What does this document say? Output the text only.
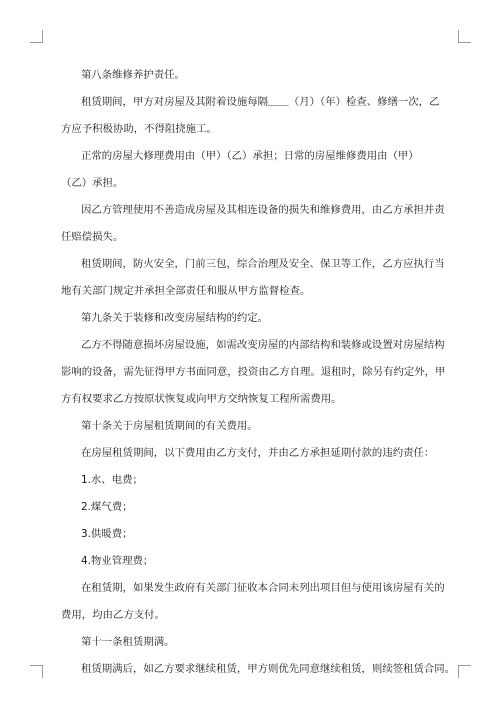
第八条维修养护责任。

租赁期间，甲方对房屋及其附着设施每隔＿＿（月）（年）检查、修缮一次，乙
方应予积极协助，不得阻挠施工。

正常的房屋大修理费用由（甲）（乙）承担；日常的房屋维修费用由（甲）
（乙）承担。

因乙方管理使用不善造成房屋及其相连设备的损失和维修费用，由乙方承担并责
任赔偿损失。

租赁期间，防火安全，门前三包，综合治理及安全、保卫等工作，乙方应执行当
地有关部门规定并承担全部责任和服从甲方监督检查。

第九条关于装修和改变房屋结构的约定。

乙方不得随意损坏房屋设施，如需改变房屋的内部结构和装修或设置对房屋结构
影响的设备，需先征得甲方书面同意，投资由乙方自理。退租时，除另有约定外，甲
方有权要求乙方按原状恢复或向甲方交纳恢复工程所需费用。

第十条关于房屋租赁期间的有关费用。

在房屋租赁期间，以下费用由乙方支付，并由乙方承担延期付款的违约责任：

1.水、电费；

2.煤气费；

3.供暖费；

4.物业管理费；

在租赁期，如果发生政府有关部门征收本合同未列出项目但与使用该房屋有关的
费用，均由乙方支付。

第十一条租赁期满。

租赁期满后，如乙方要求继续租赁，甲方则优先同意继续租赁，则续签租赁合同。
